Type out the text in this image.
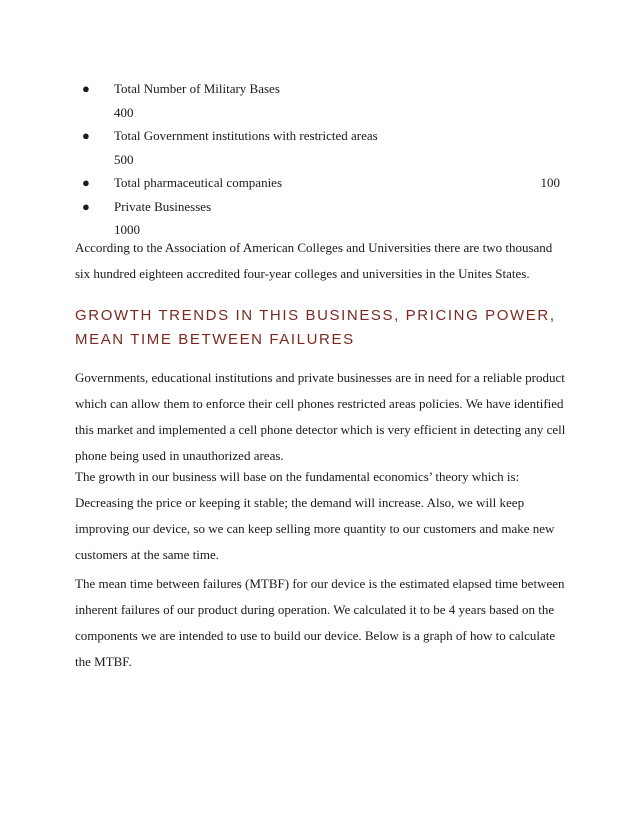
●	Total Number of Military Bases
400
●	Total Government institutions with restricted areas
500
●	Total pharmaceutical companies	100
●	Private Businesses
1000

According to the Association of American Colleges and Universities there are two thousand six hundred eighteen accredited four-year colleges and universities in the Unites States.

GROWTH TRENDS IN THIS BUSINESS, PRICING POWER, MEAN TIME BETWEEN FAILURES

Governments, educational institutions and private businesses are in need for a reliable product which can allow them to enforce their cell phones restricted areas policies. We have identified this market and implemented a cell phone detector which is very efficient in detecting any cell phone being used in unauthorized areas.

The growth in our business will base on the fundamental economics’ theory which is: Decreasing the price or keeping it stable; the demand will increase. Also, we will keep improving our device, so we can keep selling more quantity to our customers and make new customers at the same time.

The mean time between failures (MTBF) for our device is the estimated elapsed time between inherent failures of our product during operation. We calculated it to be 4 years based on the components we are intended to use to build our device. Below is a graph of how to calculate the MTBF.
